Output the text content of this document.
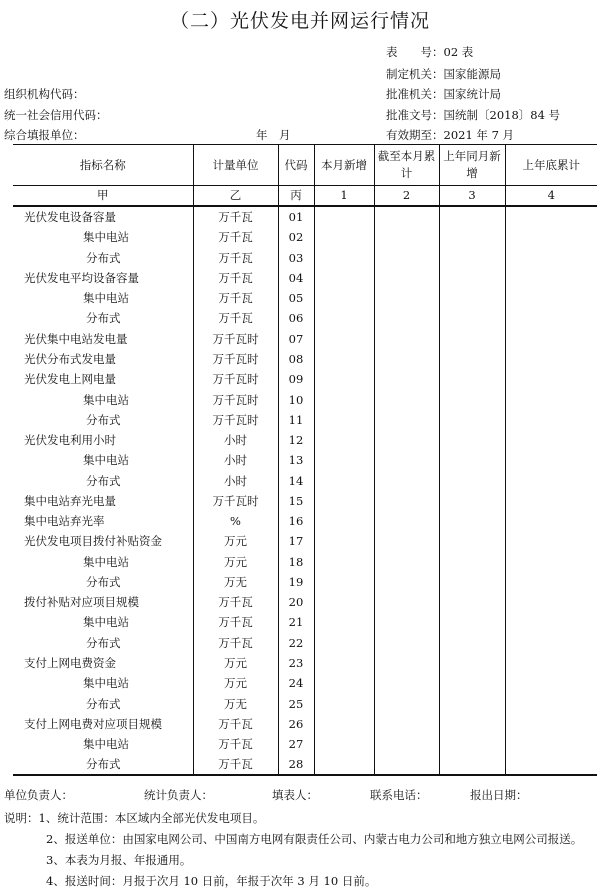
（二）光伏发电并网运行情况
表　　号：02 表
制定机关：国家能源局
批准机关：国家统计局
批准文号：国统制〔2018〕84 号
有效期至：2021 年 7 月
组织机构代码：
统一社会信用代码：
综合填报单位：	年　月
指标名称	计量单位	代码	本月新增	截至本月累计	上年同月新增	上年底累计
甲	乙	丙	1	2	3	4
光伏发电设备容量	万千瓦	01				
集中电站	万千瓦	02				
分布式	万千瓦	03				
光伏发电平均设备容量	万千瓦	04				
集中电站	万千瓦	05				
分布式	万千瓦	06				
光伏集中电站发电量	万千瓦时	07				
光伏分布式发电量	万千瓦时	08				
光伏发电上网电量	万千瓦时	09				
集中电站	万千瓦时	10				
分布式	万千瓦时	11				
光伏发电利用小时	小时	12				
集中电站	小时	13				
分布式	小时	14				
集中电站弃光电量	万千瓦时	15				
集中电站弃光率	%	16				
光伏发电项目拨付补贴资金	万元	17				
集中电站	万元	18				
分布式	万无	19				
拨付补贴对应项目规模	万千瓦	20				
集中电站	万千瓦	21				
分布式	万千瓦	22				
支付上网电费资金	万元	23				
集中电站	万元	24				
分布式	万无	25				
支付上网电费对应项目规模	万千瓦	26				
集中电站	万千瓦	27				
分布式	万千瓦	28				
单位负责人：	统计负责人：	填表人：	联系电话：	报出日期：
说明：1、统计范围：本区域内全部光伏发电项目。
2、报送单位：由国家电网公司、中国南方电网有限责任公司、内蒙古电力公司和地方独立电网公司报送。
3、本表为月报、年报通用。
4、报送时间：月报于次月 10 日前，年报于次年 3 月 10 日前。
